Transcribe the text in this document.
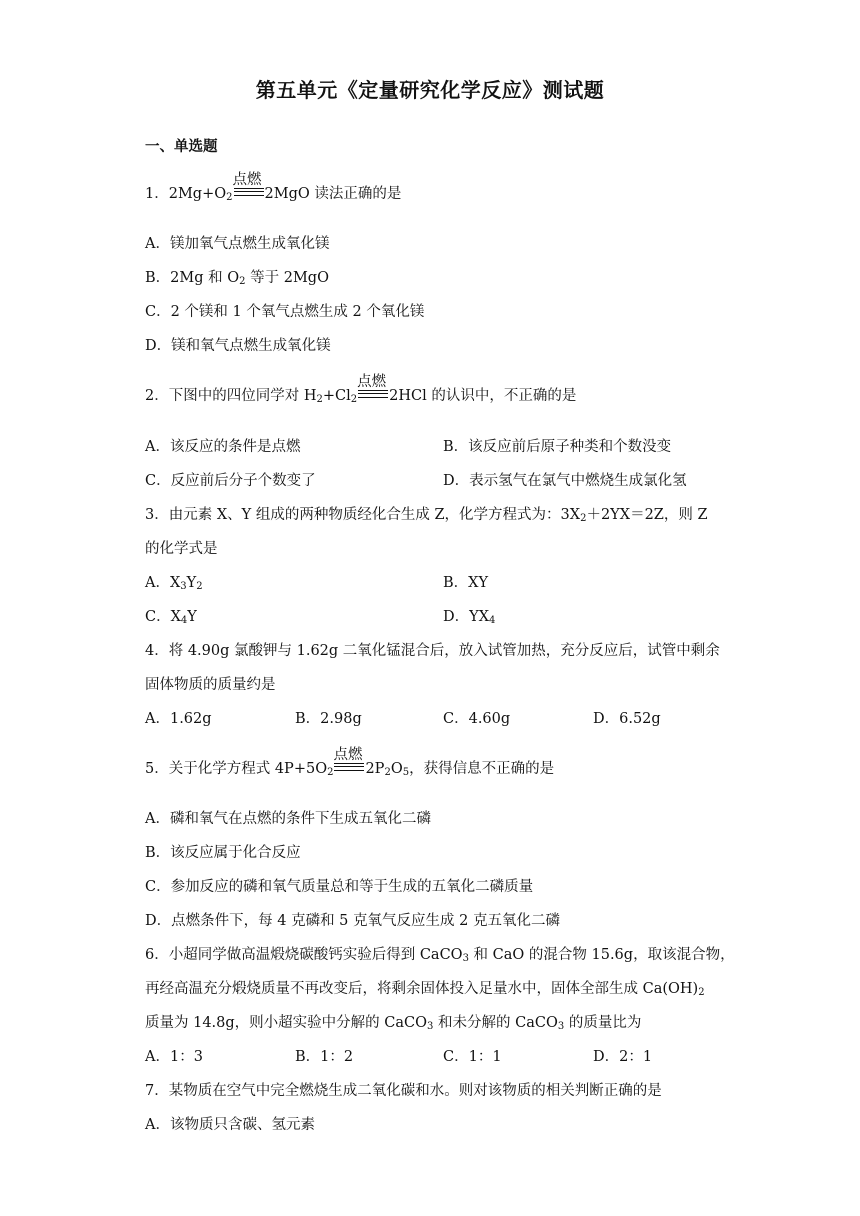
第五单元《定量研究化学反应》测试题
一、单选题
1．$2Mg+O_2$
点燃
2MgO 读法正确的是
A．镁加氧气点燃生成氧化镁
B．2Mg 和 $O_2$ 等于 2MgO
C．2 个镁和 1 个氧气点燃生成 2 个氧化镁
D．镁和氧气点燃生成氧化镁
2．下图中的四位同学对 $H_2+Cl_2$
点燃
2HCl 的认识中，不正确的是
A．该反应的条件是点燃	B．该反应前后原子种类和个数没变
C．反应前后分子个数变了	D．表示氢气在氯气中燃烧生成氯化氢
3．由元素 X、Y 组成的两种物质经化合生成 Z，化学方程式为：$3X_2+2YX=2Z$，则 Z
的化学式是
A．$X_3Y_2$	B．XY
C．$X_4Y$	D．$YX_4$
4．将 4.90g 氯酸钾与 1.62g 二氧化锰混合后，放入试管加热，充分反应后，试管中剩余
固体物质的质量约是
A．1.62g	B．2.98g	C．4.60g	D．6.52g
5．关于化学方程式 $4P+5O_2$
点燃
$2P_2O_5$，获得信息不正确的是
A．磷和氧气在点燃的条件下生成五氧化二磷
B．该反应属于化合反应
C．参加反应的磷和氧气质量总和等于生成的五氧化二磷质量
D．点燃条件下，每 4 克磷和 5 克氧气反应生成 2 克五氧化二磷
6．小超同学做高温煅烧碳酸钙实验后得到 CaCO$_3$ 和 CaO 的混合物 15.6g，取该混合物，
再经高温充分煅烧质量不再改变后，将剩余固体投入足量水中，固体全部生成 $Ca(OH)_2$
质量为 14.8g，则小超实验中分解的 CaCO$_3$ 和未分解的 CaCO$_3$ 的质量比为
A．1：3	B．1：2	C．1：1	D．2：1
7．某物质在空气中完全燃烧生成二氧化碳和水。则对该物质的相关判断正确的是
A．该物质只含碳、氢元素
